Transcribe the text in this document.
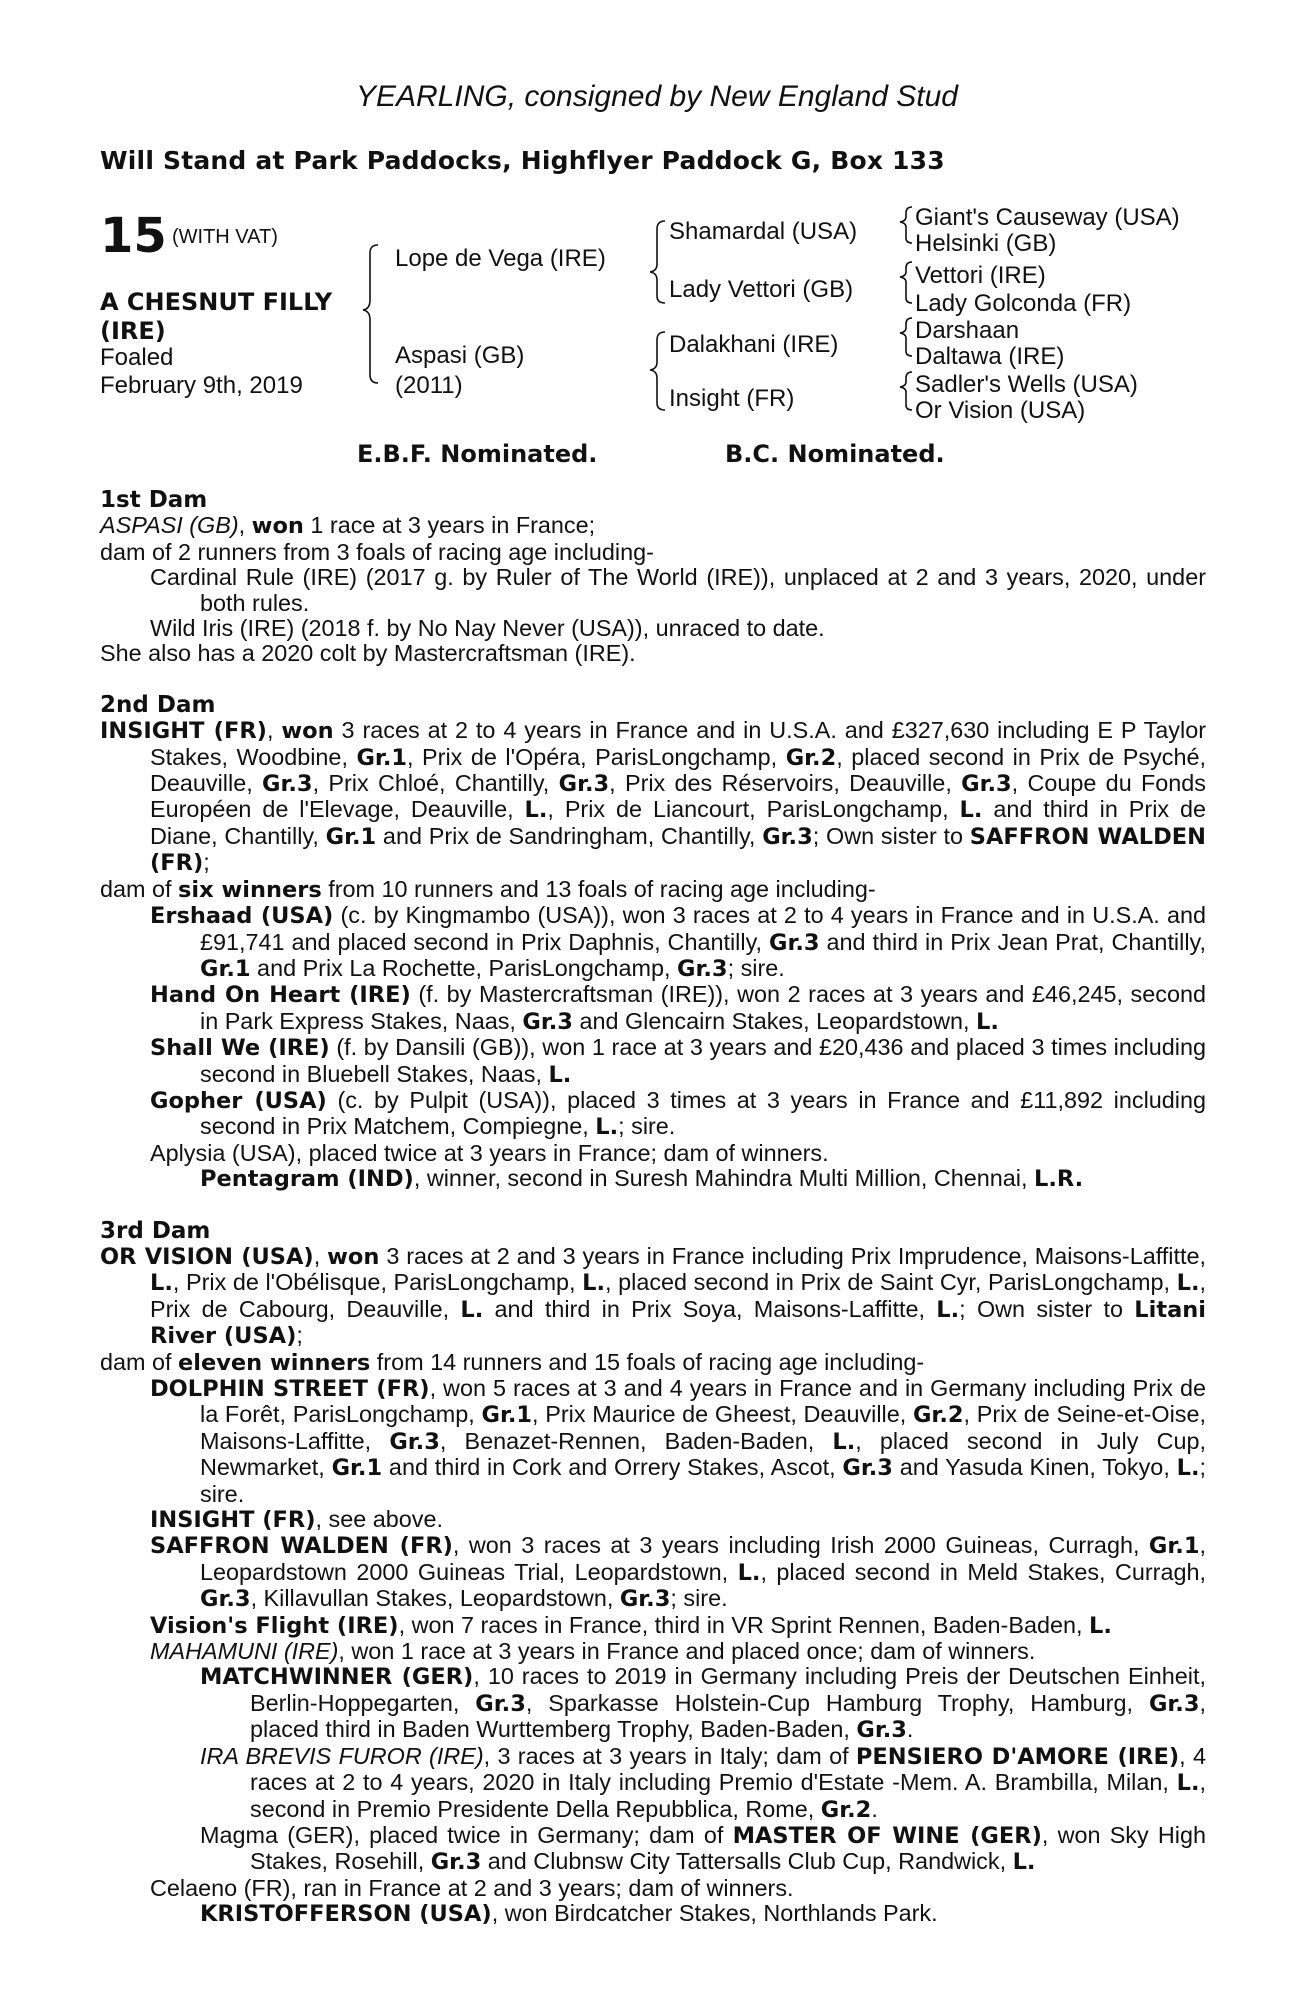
YEARLING, consigned by New England Stud
Will Stand at Park Paddocks, Highflyer Paddock G, Box 133
15 (WITH VAT)
A CHESNUT FILLY
(IRE)
Foaled
February 9th, 2019
Lope de Vega (IRE)
Aspasi (GB)
(2011)
Shamardal (USA)
Lady Vettori (GB)
Dalakhani (IRE)
Insight (FR)
Giant's Causeway (USA)
Helsinki (GB)
Vettori (IRE)
Lady Golconda (FR)
Darshaan
Daltawa (IRE)
Sadler's Wells (USA)
Or Vision (USA)
E.B.F. Nominated.	B.C. Nominated.
1st Dam
ASPASI (GB), won 1 race at 3 years in France;
dam of 2 runners from 3 foals of racing age including-
Cardinal Rule (IRE) (2017 g. by Ruler of The World (IRE)), unplaced at 2 and 3 years, 2020, under both rules.
Wild Iris (IRE) (2018 f. by No Nay Never (USA)), unraced to date.
She also has a 2020 colt by Mastercraftsman (IRE).
2nd Dam
INSIGHT (FR), won 3 races at 2 to 4 years in France and in U.S.A. and £327,630 including E P Taylor Stakes, Woodbine, Gr.1, Prix de l'Opéra, ParisLongchamp, Gr.2, placed second in Prix de Psyché, Deauville, Gr.3, Prix Chloé, Chantilly, Gr.3, Prix des Réservoirs, Deauville, Gr.3, Coupe du Fonds Européen de l'Elevage, Deauville, L., Prix de Liancourt, ParisLongchamp, L. and third in Prix de Diane, Chantilly, Gr.1 and Prix de Sandringham, Chantilly, Gr.3; Own sister to SAFFRON WALDEN (FR);
dam of six winners from 10 runners and 13 foals of racing age including-
Ershaad (USA) (c. by Kingmambo (USA)), won 3 races at 2 to 4 years in France and in U.S.A. and £91,741 and placed second in Prix Daphnis, Chantilly, Gr.3 and third in Prix Jean Prat, Chantilly, Gr.1 and Prix La Rochette, ParisLongchamp, Gr.3; sire.
Hand On Heart (IRE) (f. by Mastercraftsman (IRE)), won 2 races at 3 years and £46,245, second in Park Express Stakes, Naas, Gr.3 and Glencairn Stakes, Leopardstown, L.
Shall We (IRE) (f. by Dansili (GB)), won 1 race at 3 years and £20,436 and placed 3 times including second in Bluebell Stakes, Naas, L.
Gopher (USA) (c. by Pulpit (USA)), placed 3 times at 3 years in France and £11,892 including second in Prix Matchem, Compiegne, L.; sire.
Aplysia (USA), placed twice at 3 years in France; dam of winners.
Pentagram (IND), winner, second in Suresh Mahindra Multi Million, Chennai, L.R.
3rd Dam
OR VISION (USA), won 3 races at 2 and 3 years in France including Prix Imprudence, Maisons-Laffitte, L., Prix de l'Obélisque, ParisLongchamp, L., placed second in Prix de Saint Cyr, ParisLongchamp, L., Prix de Cabourg, Deauville, L. and third in Prix Soya, Maisons-Laffitte, L.; Own sister to Litani River (USA);
dam of eleven winners from 14 runners and 15 foals of racing age including-
DOLPHIN STREET (FR), won 5 races at 3 and 4 years in France and in Germany including Prix de la Forêt, ParisLongchamp, Gr.1, Prix Maurice de Gheest, Deauville, Gr.2, Prix de Seine-et-Oise, Maisons-Laffitte, Gr.3, Benazet-Rennen, Baden-Baden, L., placed second in July Cup, Newmarket, Gr.1 and third in Cork and Orrery Stakes, Ascot, Gr.3 and Yasuda Kinen, Tokyo, L.; sire.
INSIGHT (FR), see above.
SAFFRON WALDEN (FR), won 3 races at 3 years including Irish 2000 Guineas, Curragh, Gr.1, Leopardstown 2000 Guineas Trial, Leopardstown, L., placed second in Meld Stakes, Curragh, Gr.3, Killavullan Stakes, Leopardstown, Gr.3; sire.
Vision's Flight (IRE), won 7 races in France, third in VR Sprint Rennen, Baden-Baden, L.
MAHAMUNI (IRE), won 1 race at 3 years in France and placed once; dam of winners.
MATCHWINNER (GER), 10 races to 2019 in Germany including Preis der Deutschen Einheit, Berlin-Hoppegarten, Gr.3, Sparkasse Holstein-Cup Hamburg Trophy, Hamburg, Gr.3, placed third in Baden Wurttemberg Trophy, Baden-Baden, Gr.3.
IRA BREVIS FUROR (IRE), 3 races at 3 years in Italy; dam of PENSIERO D'AMORE (IRE), 4 races at 2 to 4 years, 2020 in Italy including Premio d'Estate -Mem. A. Brambilla, Milan, L., second in Premio Presidente Della Repubblica, Rome, Gr.2.
Magma (GER), placed twice in Germany; dam of MASTER OF WINE (GER), won Sky High Stakes, Rosehill, Gr.3 and Clubnsw City Tattersalls Club Cup, Randwick, L.
Celaeno (FR), ran in France at 2 and 3 years; dam of winners.
KRISTOFFERSON (USA), won Birdcatcher Stakes, Northlands Park.
